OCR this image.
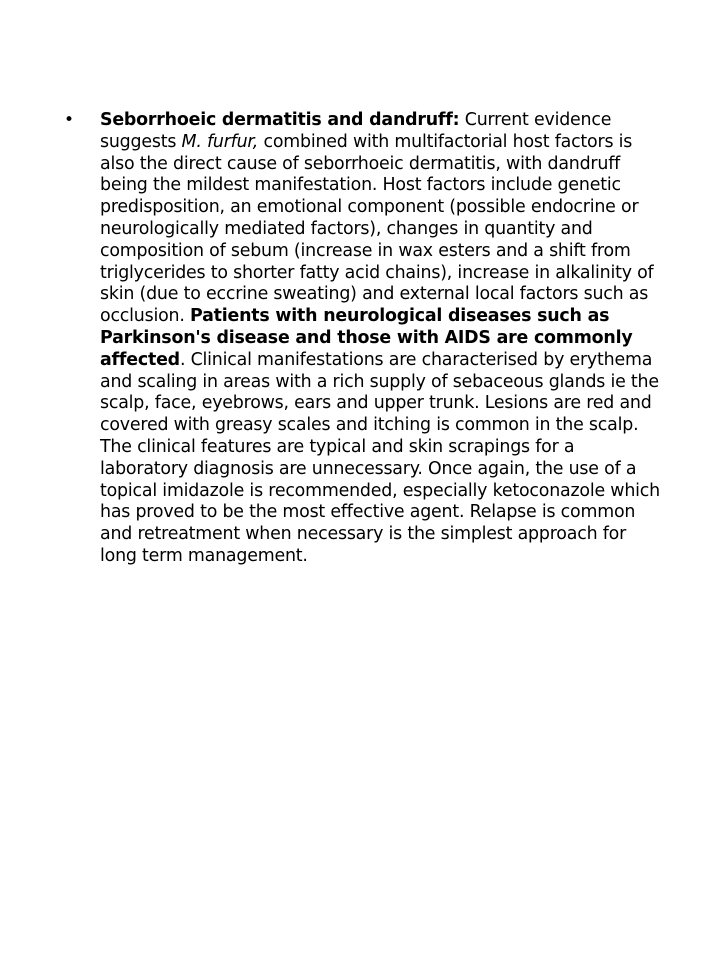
• Seborrhoeic dermatitis and dandruff: Current evidence suggests M. furfur, combined with multifactorial host factors is also the direct cause of seborrhoeic dermatitis, with dandruff being the mildest manifestation. Host factors include genetic predisposition, an emotional component (possible endocrine or neurologically mediated factors), changes in quantity and composition of sebum (increase in wax esters and a shift from triglycerides to shorter fatty acid chains), increase in alkalinity of skin (due to eccrine sweating) and external local factors such as occlusion. Patients with neurological diseases such as Parkinson's disease and those with AIDS are commonly affected. Clinical manifestations are characterised by erythema and scaling in areas with a rich supply of sebaceous glands ie the scalp, face, eyebrows, ears and upper trunk. Lesions are red and covered with greasy scales and itching is common in the scalp. The clinical features are typical and skin scrapings for a laboratory diagnosis are unnecessary. Once again, the use of a topical imidazole is recommended, especially ketoconazole which has proved to be the most effective agent. Relapse is common and retreatment when necessary is the simplest approach for long term management.
